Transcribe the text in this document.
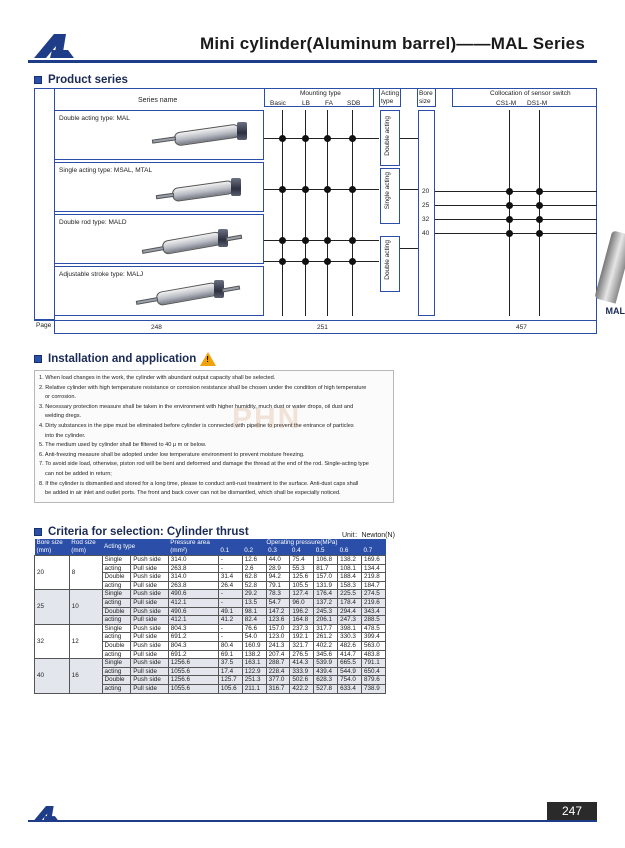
Mini cylinder(Aluminum barrel)——MAL Series
Product series
Series name
Mounting type
Basic LB FA SDB
Acting
type
Bore
size
Collocation of sensor switch
CS1-M DS1-M
Double acting type: MAL
Single acting type: MSAL, MTAL
Double rod type: MALD
Adjustable stroke type: MALJ
Double acting
Single acting
Double acting
20
25
32
40
Page	248	251	457
MAL
Installation and application !
1. When load changes in the work, the cylinder with abundant output capacity shall be selected.
2. Relative cylinder with high temperature resistance or corrosion resistance shall be chosen under the condition of high temperature
or corrosion.
3. Necessary protection measure shall be taken in the environment with higher humidity, much dust or water drops, oil dust and
welding dregs.
4. Dirty substances in the pipe must be eliminated before cylinder is connected with pipeline to prevent the entrance of particles
into the cylinder.
5. The medium used by cylinder shall be filtered to 40 μ m or below.
6. Anti-freezing measure shall be adopted under low temperature environment to prevent moisture freezing.
7. To avoid side load, otherwise, piston rod will be bent and deformed and damage the thread at the end of the rod. Single-acting type
can not be added in return;
8. If the cylinder is dismantled and stored for a long time, please to conduct anti-rust treatment to the surface. Anti-dust caps shall
be added in air inlet and outlet ports. The front and back cover can not be dismantled, which shall be especially noticed.
PHN
Criteria for selection: Cylinder thrust	Unit：Newton(N)
Bore size	Rod size	Acting type		Pressure area	Operating pressure(MPa)						
(mm)	(mm)			(mm²)	0.1	0.2	0.3	0.4	0.5	0.6	0.7
20	8	Single	Push side	314.0	-	12.6	44.0	75.4	106.8	138.2	169.6
		acting	Pull side	263.8	-	2.6	28.9	55.3	81.7	108.1	134.4
		Double	Push side	314.0	31.4	62.8	94.2	125.6	157.0	188.4	219.8
		acting	Pull side	263.8	26.4	52.8	79.1	105.5	131.9	158.3	184.7
25	10	Single	Push side	490.6	-	29.2	78.3	127.4	176.4	225.5	274.5
		acting	Pull side	412.1	-	13.5	54.7	96.0	137.2	178.4	219.6
		Double	Push side	490.6	49.1	98.1	147.2	196.2	245.3	294.4	343.4
		acting	Pull side	412.1	41.2	82.4	123.6	164.8	206.1	247.3	288.5
32	12	Single	Push side	804.3	-	76.6	157.0	237.3	317.7	398.1	478.5
		acting	Pull side	691.2	-	54.0	123.0	192.1	261.2	330.3	399.4
		Double	Push side	804.3	80.4	160.9	241.3	321.7	402.2	482.6	563.0
		acting	Pull side	691.2	69.1	138.2	207.4	276.5	345.6	414.7	483.8
40	16	Single	Push side	1256.6	37.5	163.1	288.7	414.3	539.9	665.5	791.1
		acting	Pull side	1055.6	17.4	122.9	228.4	333.9	439.4	544.9	650.4
		Double	Push side	1256.6	125.7	251.3	377.0	502.6	628.3	754.0	879.6
		acting	Pull side	1055.6	105.6	211.1	316.7	422.2	527.8	633.4	738.9
247
